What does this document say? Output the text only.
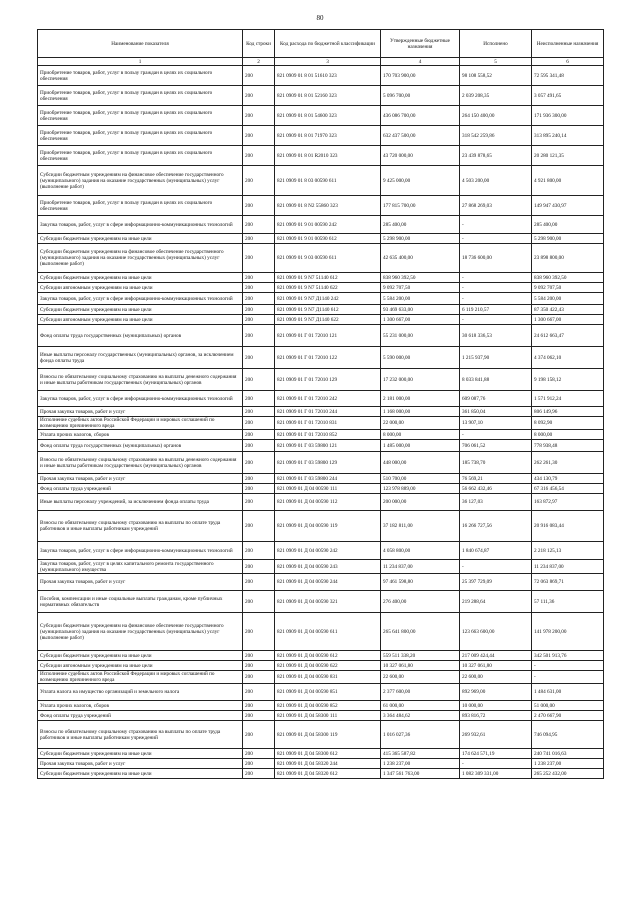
80
Наименование показателя	Код строки	Код расхода по бюджетной классификации	Утвержденные бюджетные назначения	Исполнено	Неисполненные назначения
1	2	3	4	5	6
Приобретение товаров, работ, услуг в пользу граждан в целях их социального обеспечения	200	821 0909 01 8 01 51610 323	170 703 900,00	98 108 558,52	72 595 341,48
Приобретение товаров, работ, услуг в пользу граждан в целях их социального обеспечения	200	821 0909 01 8 01 52160 323	5 096 700,00	2 039 208,35	3 057 491,65
Приобретение товаров, работ, услуг в пользу граждан в целях их социального обеспечения	200	821 0909 01 8 01 54600 323	436 086 700,00	264 150 400,00	171 936 300,00
Приобретение товаров, работ, услуг в пользу граждан в целях их социального обеспечения	200	821 0909 01 8 01 71970 323	632 437 500,00	318 542 259,86	313 895 240,14
Приобретение товаров, работ, услуг в пользу граждан в целях их социального обеспечения	200	821 0909 01 8 01 R2010 323	43 720 000,00	23 439 878,65	20 280 121,35
Субсидии бюджетным учреждениям на финансовое обеспечение государственного (муниципального) задания на оказание государственных (муниципальных) услуг (выполнение работ)	200	821 0909 01 8 03 00590 611	9 425 000,00	4 503 200,00	4 921 800,00
Приобретение товаров, работ, услуг в пользу граждан в целях их социального обеспечения	200	821 0909 01 8 N2 55860 323	177 815 700,00	27 868 269,03	149 947 430,97
Закупка товаров, работ, услуг в сфере информационно-коммуникационных технологий	200	821 0909 01 9 01 00590 242	285 400,00	-	285 400,00
Субсидии бюджетным учреждениям на иные цели	200	821 0909 01 9 01 00590 612	5 298 900,00	-	5 298 900,00
Субсидии бюджетным учреждениям на финансовое обеспечение государственного (муниципального) задания на оказание государственных (муниципальных) услуг (выполнение работ)	200	821 0909 01 9 03 00590 611	42 635 400,00	18 736 600,00	23 898 800,00
Субсидии бюджетным учреждениям на иные цели	200	821 0909 01 9 N7 51140 612	838 960 392,50	-	838 960 392,50
Субсидии автономным учреждениям на иные цели	200	821 0909 01 9 N7 51140 622	9 092 707,50	-	9 092 707,50
Закупка товаров, работ, услуг в сфере информационно-коммуникационных технологий	200	821 0909 01 9 N7 Д1140 242	5 584 200,00	-	5 584 200,00
Субсидии бюджетным учреждениям на иные цели	200	821 0909 01 9 N7 Д1140 612	93 469 633,00	6 119 210,57	87 350 422,43
Субсидии автономным учреждениям на иные цели	200	821 0909 01 9 N7 Д1140 622	1 300 667,00	-	1 300 667,00
Фонд оплаты труда государственных (муниципальных) органов	200	821 0909 01 Г 01 72010 121	55 231 000,00	30 618 336,53	24 612 663,47
Иные выплаты персоналу государственных (муниципальных) органов, за исключением фонда оплаты труда	200	821 0909 01 Г 01 72010 122	5 590 000,00	1 215 937,90	4 374 062,10
Взносы по обязательному социальному страхованию на выплаты денежного содержания и иные выплаты работникам государственных (муниципальных) органов	200	821 0909 01 Г 01 72010 129	17 232 000,00	8 033 841,88	9 198 158,12
Закупка товаров, работ, услуг в сфере информационно-коммуникационных технологий	200	821 0909 01 Г 01 72010 242	2 181 000,00	609 087,76	1 571 912,24
Прочая закупка товаров, работ и услуг	200	821 0909 01 Г 01 72010 244	1 168 000,00	361 850,04	806 149,96
Исполнение судебных актов Российской Федерации и мировых соглашений по возмещению причиненного вреда	200	821 0909 01 Г 01 72010 831	22 000,00	13 907,10	8 092,90
Уплата прочих налогов, сборов	200	821 0909 01 Г 01 72010 852	8 000,00	-	8 000,00
Фонд оплаты труда государственных (муниципальных) органов	200	821 0909 01 Г 03 59800 121	1 485 000,00	706 061,52	778 938,48
Взносы по обязательному социальному страхованию на выплаты денежного содержания и иные выплаты работникам государственных (муниципальных) органов	200	821 0909 01 Г 03 59800 129	448 000,00	185 738,70	262 261,30
Прочая закупка товаров, работ и услуг	200	821 0909 01 Г 03 59800 244	510 700,00	76 569,21	434 130,79
Фонд оплаты труда учреждений	200	821 0909 01 Д 04 00590 111	123 978 889,00	56 662 432,46	67 316 456,54
Иные выплаты персоналу учреждений, за исключением фонда оплаты труда	200	821 0909 01 Д 04 00590 112	200 000,00	36 127,03	163 872,97
Взносы по обязательному социальному страхованию на выплаты по оплате труда работников и иные выплаты работникам учреждений	200	821 0909 01 Д 04 00590 119	37 182 811,00	16 266 727,56	20 916 083,44
Закупка товаров, работ, услуг в сфере информационно-коммуникационных технологий	200	821 0909 01 Д 04 00590 242	4 058 800,00	1 840 674,87	2 218 125,13
Закупка товаров, работ, услуг в целях капитального ремонта государственного (муниципального) имущества	200	821 0909 01 Д 04 00590 243	11 234 837,00	-	11 234 837,00
Прочая закупка товаров, работ и услуг	200	821 0909 01 Д 04 00590 244	97 461 598,80	25 397 729,09	72 063 869,71
Пособия, компенсации и иные социальные выплаты гражданам, кроме публичных нормативных обязательств	200	821 0909 01 Д 04 00590 321	276 400,00	219 288,64	57 111,36
Субсидии бюджетным учреждениям на финансовое обеспечение государственного (муниципального) задания на оказание государственных (муниципальных) услуг (выполнение работ)	200	821 0909 01 Д 04 00590 611	265 641 800,00	123 663 600,00	141 978 200,00
Субсидии бюджетным учреждениям на иные цели	200	821 0909 01 Д 04 00590 612	559 511 338,20	217 009 424,44	342 501 913,76
Субсидии автономным учреждениям на иные цели	200	821 0909 01 Д 04 00590 622	10 327 061,80	10 327 061,80	-
Исполнение судебных актов Российской Федерации и мировых соглашений по возмещению причиненного вреда	200	821 0909 01 Д 04 00590 831	22 600,00	22 600,00	-
Уплата налога на имущество организаций и земельного налога	200	821 0909 01 Д 04 00590 851	2 377 600,00	892 969,00	1 484 631,00
Уплата прочих налогов, сборов	200	821 0909 01 Д 04 00590 852	61 000,00	10 000,00	51 000,00
Фонд оплаты труда учреждений	200	821 0909 01 Д 04 58300 111	3 364 484,62	893 816,72	2 470 667,90
Взносы по обязательному социальному страхованию на выплаты по оплате труда работников и иные выплаты работникам учреждений	200	821 0909 01 Д 04 58300 119	1 016 027,36	269 932,61	746 094,95
Субсидии бюджетным учреждениям на иные цели	200	821 0909 01 Д 04 58300 612	415 365 587,82	174 624 571,19	240 741 016,63
Прочая закупка товаров, работ и услуг	200	821 0909 01 Д 04 58320 244	1 238 237,00	-	1 238 237,00
Субсидии бюджетным учреждениям на иные цели	200	821 0909 01 Д 04 58320 612	1 347 561 763,00	1 082 309 331,00	265 252 432,00
